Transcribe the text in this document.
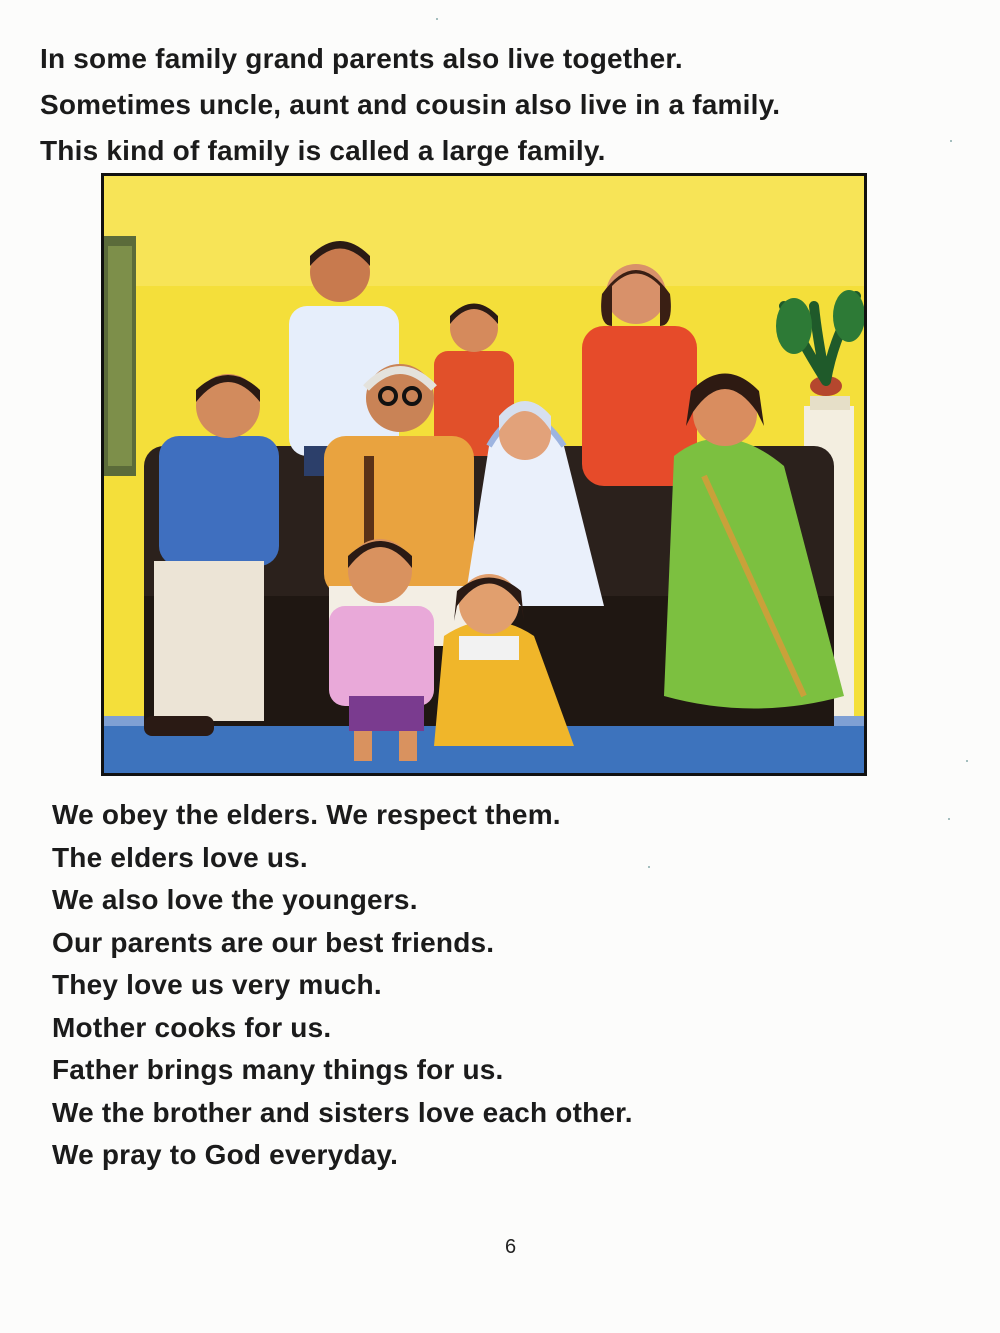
In some family grand parents also live together.
Sometimes uncle, aunt and cousin also live in a family.
This kind of family is called a large family.
We obey the elders. We respect them.
The elders love us.
We also love the youngers.
Our parents are our best friends.
They love us very much.
Mother cooks for us.
Father brings many things for us.
We the brother and sisters love each other.
We pray to God everyday.
6
